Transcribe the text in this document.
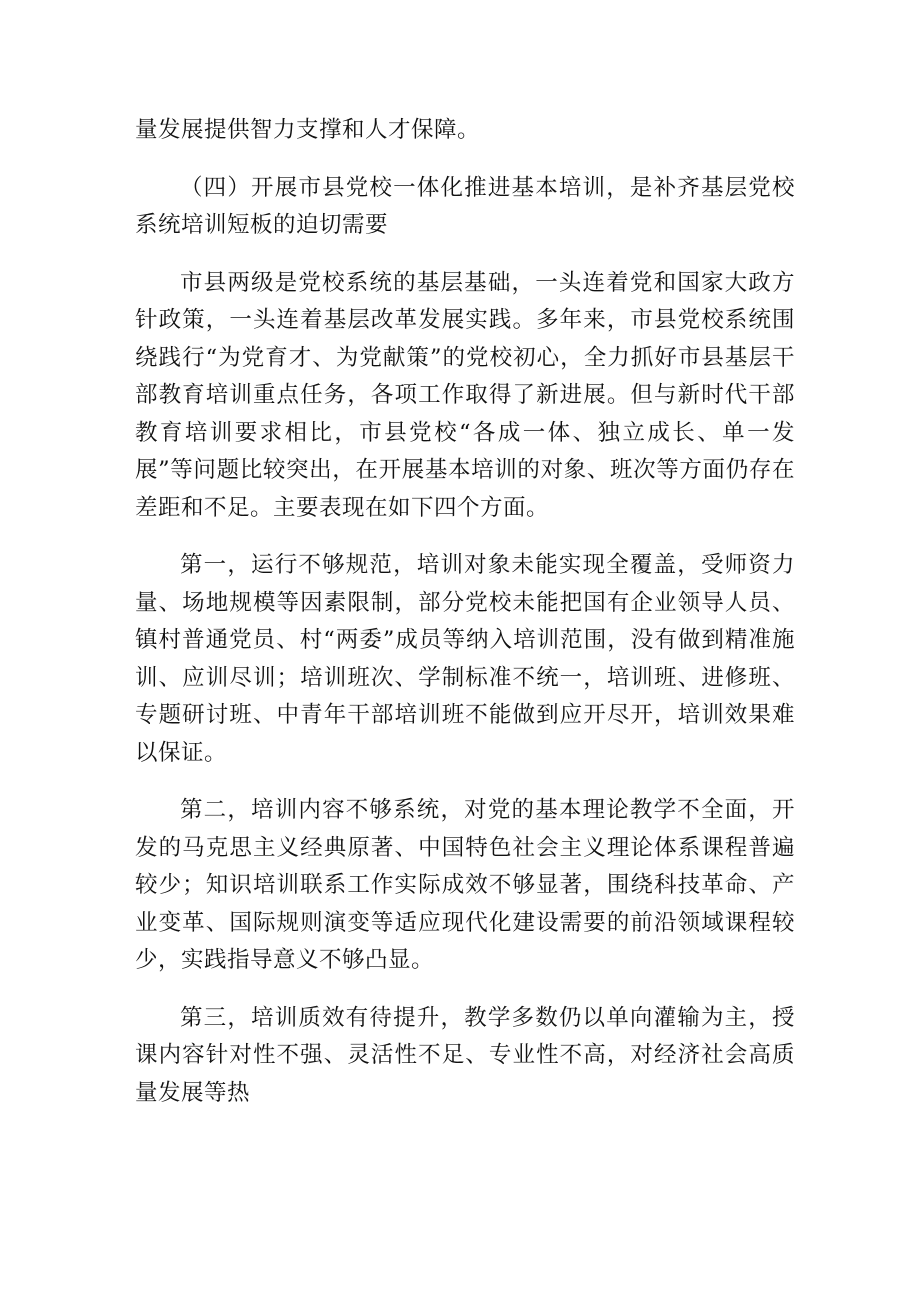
量发展提供智力支撑和人才保障。

（四）开展市县党校一体化推进基本培训，是补齐基层党校系统培训短板的迫切需要

市县两级是党校系统的基层基础，一头连着党和国家大政方针政策，一头连着基层改革发展实践。多年来，市县党校系统围绕践行“为党育才、为党献策”的党校初心，全力抓好市县基层干部教育培训重点任务，各项工作取得了新进展。但与新时代干部教育培训要求相比，市县党校“各成一体、独立成长、单一发展”等问题比较突出，在开展基本培训的对象、班次等方面仍存在差距和不足。主要表现在如下四个方面。

第一，运行不够规范，培训对象未能实现全覆盖，受师资力量、场地规模等因素限制，部分党校未能把国有企业领导人员、镇村普通党员、村“两委”成员等纳入培训范围，没有做到精准施训、应训尽训；培训班次、学制标准不统一，培训班、进修班、专题研讨班、中青年干部培训班不能做到应开尽开，培训效果难以保证。

第二，培训内容不够系统，对党的基本理论教学不全面，开发的马克思主义经典原著、中国特色社会主义理论体系课程普遍较少；知识培训联系工作实际成效不够显著，围绕科技革命、产业变革、国际规则演变等适应现代化建设需要的前沿领域课程较少，实践指导意义不够凸显。

第三，培训质效有待提升，教学多数仍以单向灌输为主，授课内容针对性不强、灵活性不足、专业性不高，对经济社会高质量发展等热
